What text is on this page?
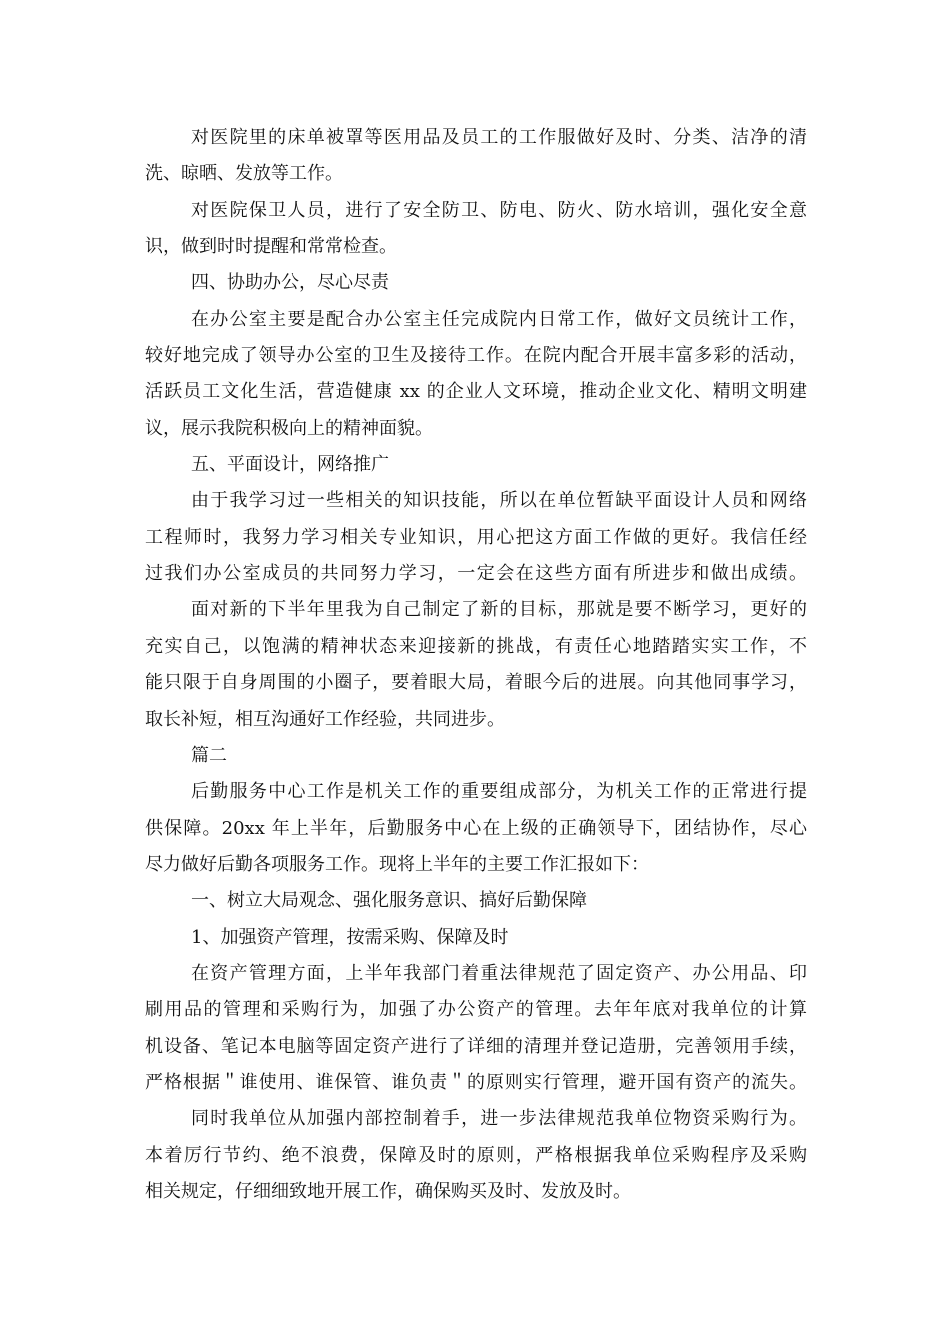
对医院里的床单被罩等医用品及员工的工作服做好及时、分类、洁净的清
洗、晾晒、发放等工作。
对医院保卫人员，进行了安全防卫、防电、防火、防水培训，强化安全意
识，做到时时提醒和常常检查。
四、协助办公，尽心尽责
在办公室主要是配合办公室主任完成院内日常工作，做好文员统计工作，
较好地完成了领导办公室的卫生及接待工作。在院内配合开展丰富多彩的活动，
活跃员工文化生活，营造健康 xx 的企业人文环境，推动企业文化、精明文明建
议，展示我院积极向上的精神面貌。
五、平面设计，网络推广
由于我学习过一些相关的知识技能，所以在单位暂缺平面设计人员和网络
工程师时，我努力学习相关专业知识，用心把这方面工作做的更好。我信任经
过我们办公室成员的共同努力学习，一定会在这些方面有所进步和做出成绩。
面对新的下半年里我为自己制定了新的目标，那就是要不断学习，更好的
充实自己，以饱满的精神状态来迎接新的挑战，有责任心地踏踏实实工作，不
能只限于自身周围的小圈子，要着眼大局，着眼今后的进展。向其他同事学习，
取长补短，相互沟通好工作经验，共同进步。
篇二
后勤服务中心工作是机关工作的重要组成部分，为机关工作的正常进行提
供保障。20xx 年上半年，后勤服务中心在上级的正确领导下，团结协作，尽心
尽力做好后勤各项服务工作。现将上半年的主要工作汇报如下：
一、树立大局观念、强化服务意识、搞好后勤保障
1、加强资产管理，按需采购、保障及时
在资产管理方面，上半年我部门着重法律规范了固定资产、办公用品、印
刷用品的管理和采购行为，加强了办公资产的管理。去年年底对我单位的计算
机设备、笔记本电脑等固定资产进行了详细的清理并登记造册，完善领用手续，
严格根据＂谁使用、谁保管、谁负责＂的原则实行管理，避开国有资产的流失。
同时我单位从加强内部控制着手，进一步法律规范我单位物资采购行为。
本着厉行节约、绝不浪费，保障及时的原则，严格根据我单位采购程序及采购
相关规定，仔细细致地开展工作，确保购买及时、发放及时。
